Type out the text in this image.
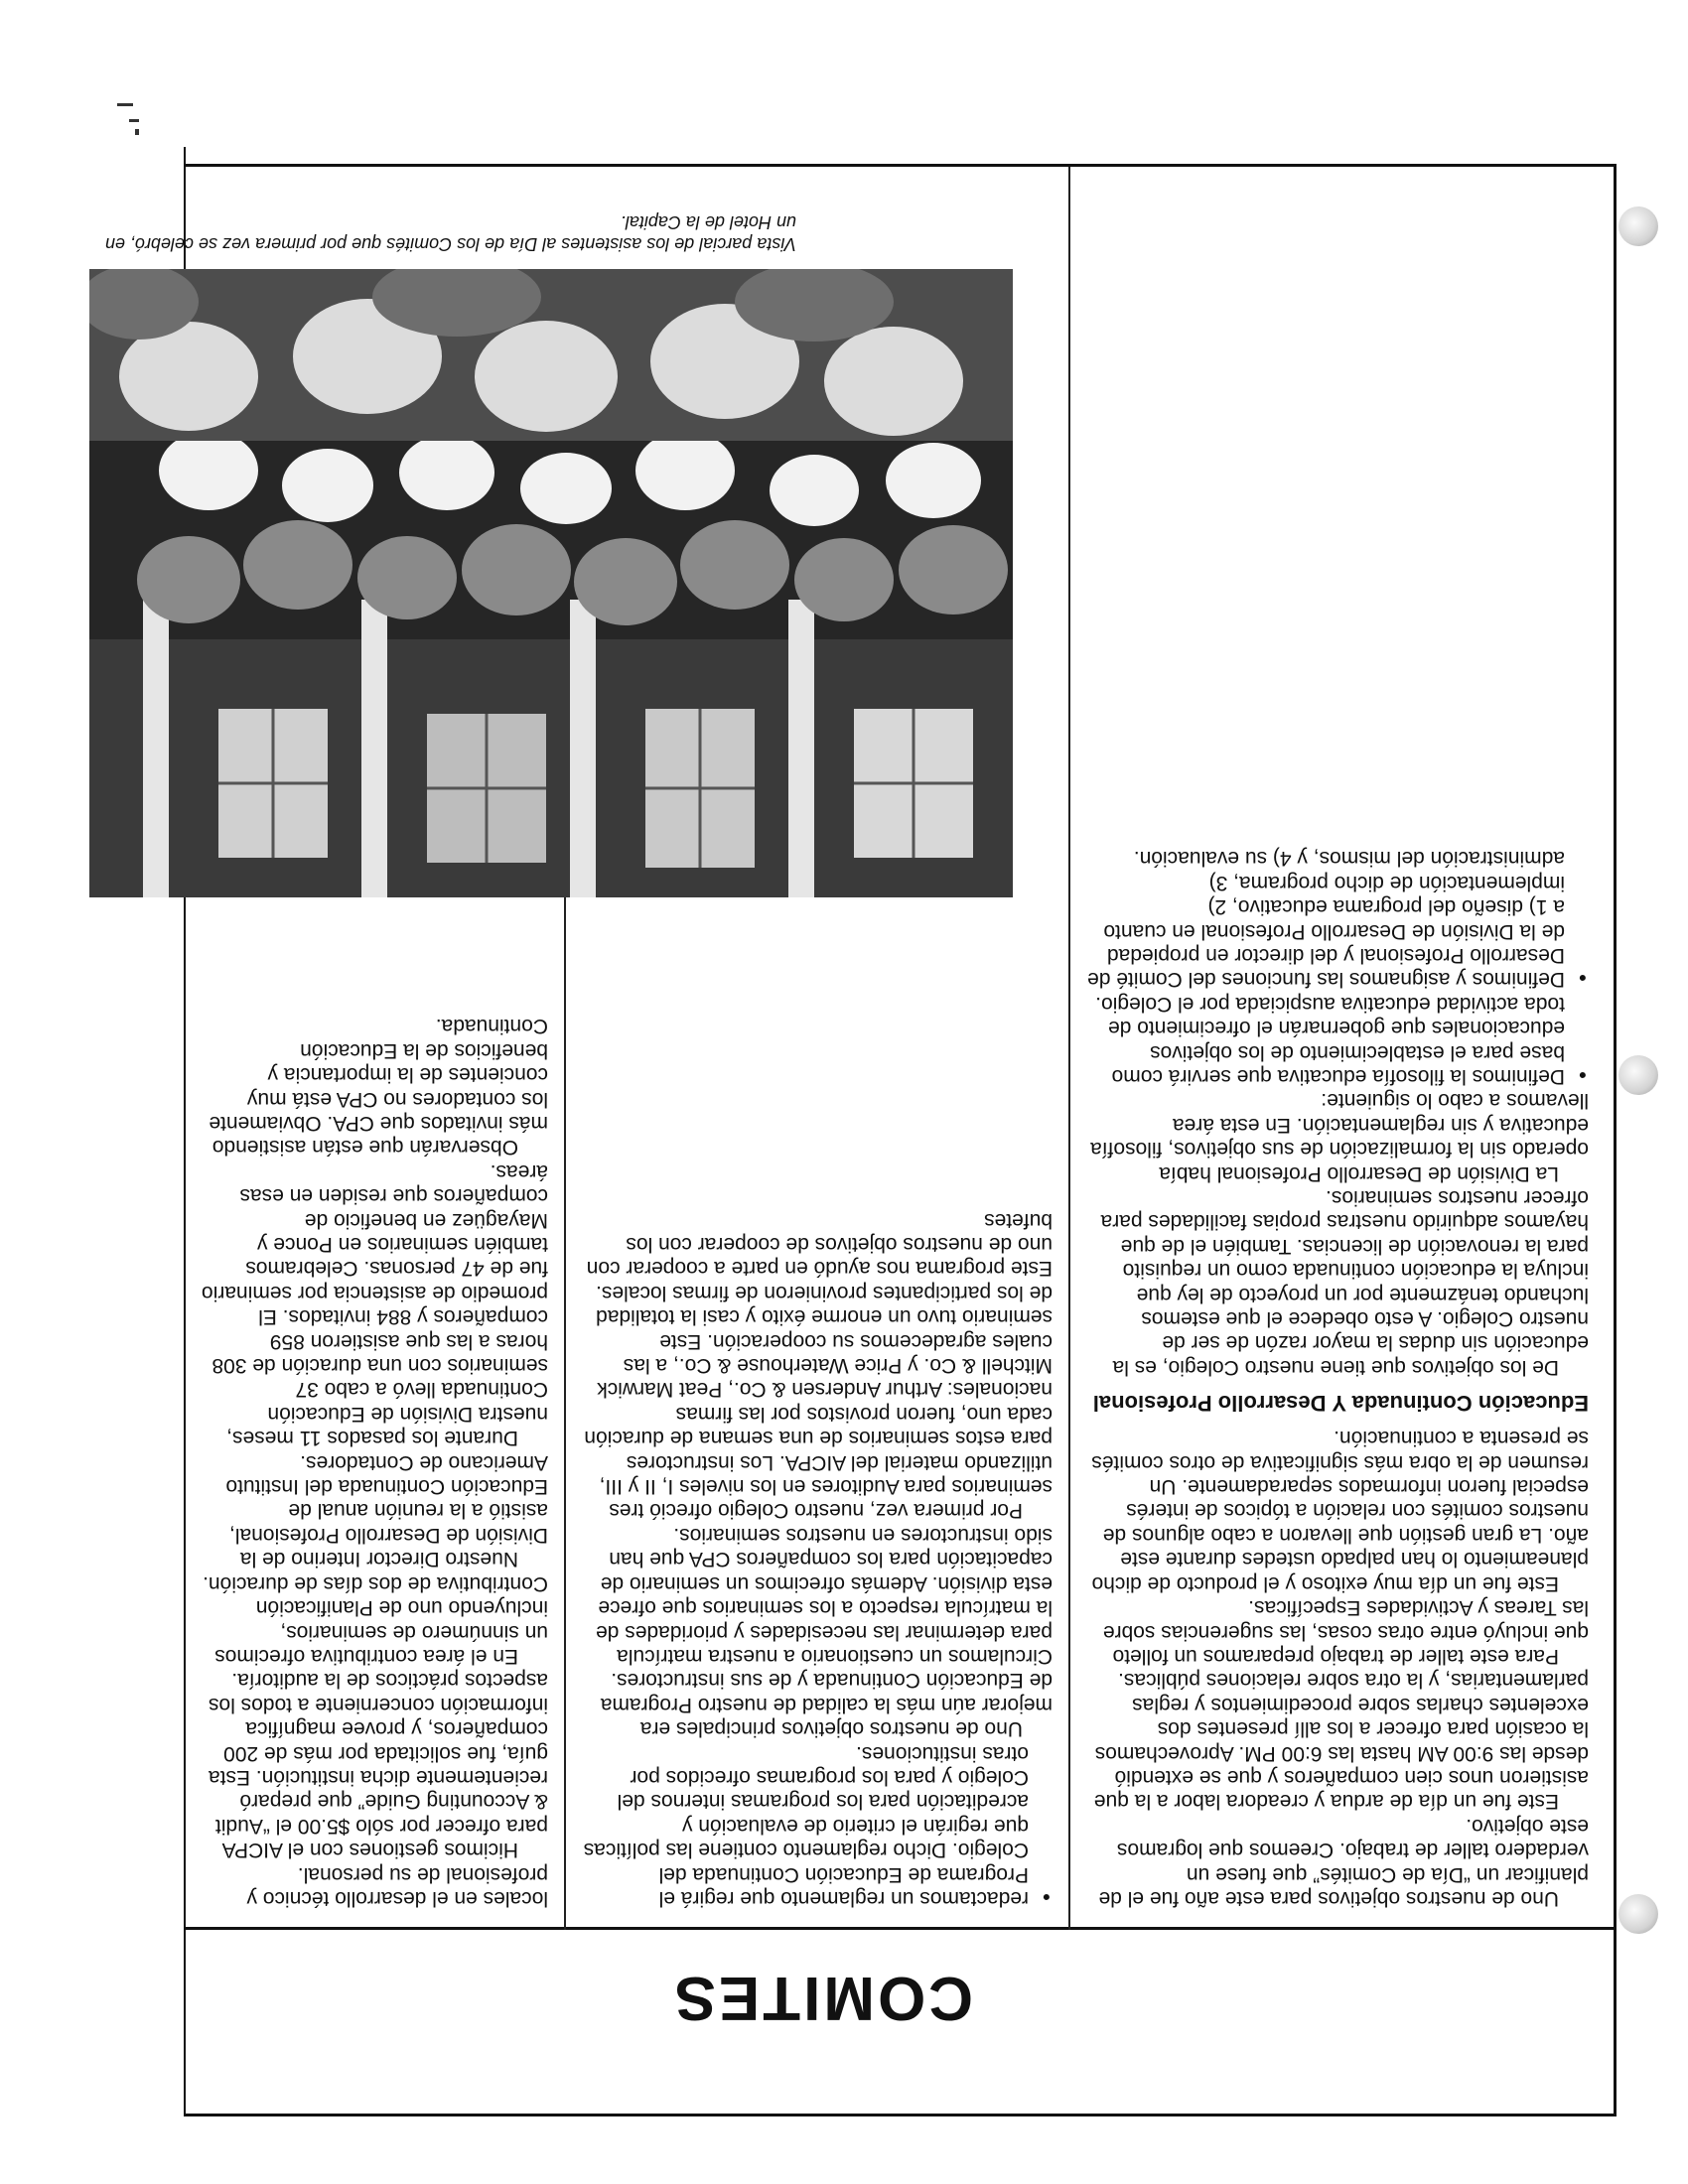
COMITES

Uno de nuestros objetivos para este año fue el de planificar un “Día de Comités” que fuese un verdadero taller de trabajo. Creemos que logramos este objetivo.

Este fue un día de ardua y creadora labor a la que asistieron unos cien compañeros y que se extendió desde las 9:00 AM hasta las 6:00 PM. Aprovechamos la ocasión para ofrecer a los allí presentes dos excelentes charlas sobre procedimientos y reglas parlamentarias, y la otra sobre relaciones públicas.

Para este taller de trabajo preparamos un folleto que incluyó entre otras cosas, las sugerencias sobre las Tareas y Actividades Específicas.

Este fue un día muy exitoso y el producto de dicho planeamiento lo han palpado ustedes durante este año. La gran gestión que llevaron a cabo algunos de nuestros comités con relación a tópicos de interés especial fueron informados separadamente. Un resumen de la obra más significativa de otros comités se presenta a continuación.

Educación Continuada Y Desarrollo Profesional

De los objetivos que tiene nuestro Colegio, es la educación sin dudas la mayor razón de ser de nuestro Colegio. A esto obedece el que estemos luchando tenázmente por un proyecto de ley que incluya la educación continuada como un requisito para la renovación de licencias. También el de que hayamos adquirido nuestras propias facilidades para ofrecer nuestros seminarios.

La División de Desarrollo Profesional había operado sin la formalización de sus objetivos, filosofía educativa y sin reglamentación. En esta área llevamos a cabo lo siguiente:

● Definimos la filosofía educativa que servirá como base para el establecimiento de los objetivos educacionales que gobernarán el ofrecimiento de toda actividad educativa auspiciada por el Colegio.
● Definimos y asignamos las funciones del Comité de Desarrollo Profesional y del director en propiedad de la División de Desarrollo Profesional en cuanto a 1) diseño del programa educativo, 2) implementación de dicho programa, 3) administración del mismos, y 4) su evaluación.
● redactamos un reglamento que regirá el Programa de Educación Continuada del Colegio. Dicho reglamento contiene las políticas que regirán el criterio de evaluación y acreditación para los programas internos del Colegio y para los programas ofrecidos por otras instituciones.

Uno de nuestros objetivos principales era mejorar aún más la calidad de nuestro Programa de Educación Continuada y de sus instructores. Circulamos un cuestionario a nuestra matrícula para determinar las necesidades y prioridades de la matrícula respecto a los seminarios que ofrece esta división. Además ofrecimos un seminario de capacitación para los compañeros CPA que han sido instructores en nuestros seminarios.

Por primera vez, nuestro Colegio ofreció tres seminarios para Auditores en los niveles I, II y III, utilizando material del AICPA. Los instructores para estos seminarios de una semana de duración cada uno, fueron provistos por las firmas nacionales: Arthur Andersen & Co., Peat Marwick Mitchell & Co. y Price Waterhouse & Co., a las cuales agradecemos su cooperación. Este seminario tuvo un enorme éxito y casi la totalidad de los participantes provinieron de firmas locales. Este programa nos ayudó en parte a cooperar con uno de nuestros objetivos de cooperar con los bufetes

locales en el desarrollo técnico y profesional de su personal.

Hicimos gestiones con el AICPA para ofrecer por sólo $5.00 el “Audit & Accounting Guide” que preparó recientemente dicha institución. Esta guía, fue solicitada por más de 200 compañeros, y provee magnífica información concerniente a todos los aspectos prácticos de la auditoría.

En el área contributiva ofrecimos un sinnúmero de seminarios, incluyendo uno de Planificación Contributiva de dos días de duración.

Nuestro Director Interino de la División de Desarrollo Profesional, asistió a la reunión anual de Educación Continuada del Instituto Americano de Contadores.

Durante los pasados 11 meses, nuestra División de Educación Continuada llevó a cabo 37 seminarios con una duración de 308 horas a las que asistieron 859 compañeros y 884 invitados. El promedio de asistencia por seminario fue de 47 personas. Celebramos también seminarios en Ponce y Mayagüez en beneficio de compañeros que residen en esas áreas.

Observarán que están asistiendo más invitados que CPA. Obviamente los contadores no CPA está muy concientes de la importancia y beneficios de la Educación Continuada.

Vista parcial de los asistentes al Día de los Comités que por primera vez se celebró, en un Hotel de la Capital.
